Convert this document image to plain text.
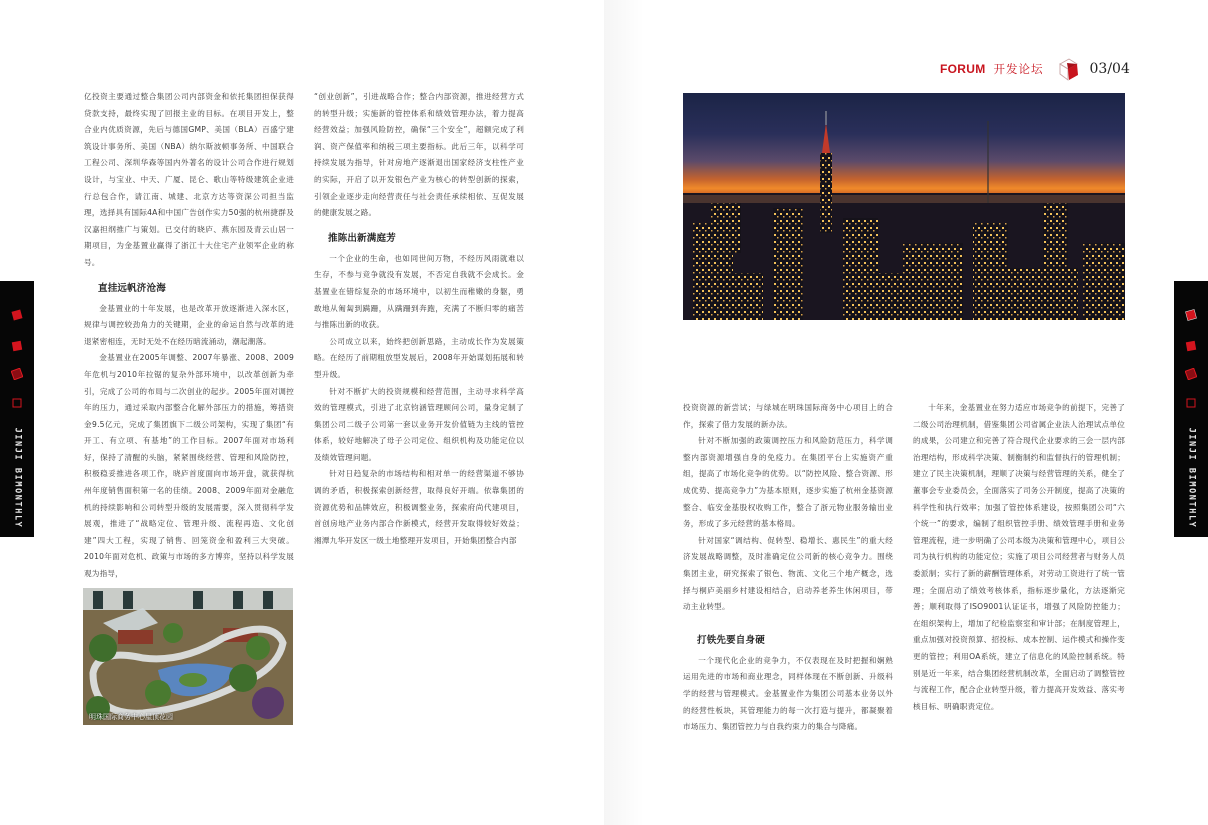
FORUM 开发论坛	03/04
JINJI BIMONTHLY	JINJI BIMONTHLY

亿投资主要通过整合集团公司内部资金和依托集团担保获得贷款支持，最终实现了回报主业的目标。在项目开发上，整合业内优质资源，先后与德国GMP、美国（BLA）百盛宁建筑设计事务所、美国（NBA）纳尔斯波顿事务所、中国联合工程公司、深圳华森等国内外著名的设计公司合作进行规划设计，与宝业、中天、广厦、昆仑、歌山等特级建筑企业进行总包合作，请江南、城建、北京方达等资深公司担当监理，选择具有国际4A和中国广告创作实力50强的杭州捷群及汉嘉担纲推广与策划。已交付的晓庐、燕东园及青云山居一期项目，为金基置业赢得了浙江十大住宅产业领军企业的称号。

直挂远帆济沧海

金基置业的十年发展，也是改革开放逐渐进入深水区，规律与调控较劲角力的关键期，企业的命运自然与改革的进退紧密相连，无时无处不在经历暗流涌动，潮起潮落。

金基置业在2005年调整、2007年暴涨、2008、2009年危机与2010年拉锯的复杂外部环境中，以改革创新为牵引，完成了公司的布局与二次创业的起步。2005年面对调控年的压力，通过采取内部整合化解外部压力的措施，筹措资金9.5亿元，完成了集团旗下二级公司架构，实现了集团“有开工、有立项、有基地”的工作目标。2007年面对市场利好，保持了清醒的头脑，紧紧围绕经营、管理和风险防控，积极稳妥推进各项工作，晓庐首度面向市场开盘，就获得杭州年度销售面积第一名的佳绩。2008、2009年面对金融危机的持续影响和公司转型升级的发展需要，深入贯彻科学发展观，推进了“战略定位、管理升级、流程再造、文化创建”四大工程，实现了销售、回笼资金和盈利三大突破。2010年面对危机、政策与市场的多方博弈，坚持以科学发展观为指导，

“创业创新”，引进战略合作；整合内部资源，推进经营方式的转型升级；实施新的管控体系和绩效管理办法，着力提高经营效益；加强风险防控，确保“三个安全”，超额完成了利润、资产保值率和纳税三项主要指标。此后三年，以科学可持续发展为指导，针对房地产逐渐退出国家经济支柱性产业的实际，开启了以开发银色产业为核心的转型创新的探索，引领企业逐步走向经营责任与社会责任承续相依、互促发展的健康发展之路。

推陈出新满庭芳

一个企业的生命，也如同世间万物，不经历风雨就难以生存，不参与竞争就没有发展，不否定自我就不会成长。金基置业在错综复杂的市场环境中，以初生而稚嫩的身躯，勇敢地从匍匐到蹒跚，从蹒跚到奔跑，充满了不断归零的痛苦与推陈出新的收获。

公司成立以来，始终把创新思路，主动成长作为发展策略。在经历了前期粗放型发展后，2008年开始谋划拓展和转型升级。

针对不断扩大的投资规模和经营范围，主动寻求科学高效的管理模式，引进了北京钧涵管理顾问公司，量身定制了集团公司二级子公司第一套以业务开发价值链为主线的管控体系，较好地解决了母子公司定位、组织机构及功能定位以及绩效管理问题。

针对日趋复杂的市场结构和相对单一的经营渠道不够协调的矛盾，积极探索创新经营，取得良好开端。依靠集团的资源优势和品牌效应，积极调整业务，探索府尚代建项目，首创房地产业务内部合作新模式，经营开发取得较好效益；湘潭九华开发区一级土地整理开发项目，开始集团整合内部

投资资源的新尝试；与绿城在明珠国际商务中心项目上的合作，探索了借力发展的新办法。

针对不断加强的政策调控压力和风险防范压力，科学调整内部资源增强自身的免疫力。在集团平台上实施资产重组，提高了市场化竞争的优势。以“防控风险、整合资源、形成优势、提高竞争力”为基本原则，逐步实施了杭州金基资源整合、临安金基股权收购工作，整合了浙元物业服务输出业务，形成了多元经营的基本格局。

针对国家“调结构、促转型、稳增长、惠民生”的重大经济发展战略调整，及时准确定位公司新的核心竞争力。围绕集团主业，研究探索了银色、物流、文化三个地产概念，选择与桐庐美丽乡村建设相结合，启动养老养生休闲项目，带动主业转型。

打铁先要自身硬

一个现代化企业的竞争力，不仅表现在及时把握和娴熟运用先进的市场和商业理念，同样体现在不断创新、升级科学的经营与管理模式。金基置业作为集团公司基本业务以外的经营性板块，其管理能力的每一次打造与提升，都凝聚着市场压力、集团管控力与自我约束力的集合与降痛。

十年来，金基置业在努力适应市场竞争的前提下，完善了二级公司治理机制，借鉴集团公司省属企业法人治理试点单位的成果，公司建立和完善了符合现代企业要求的三会一层内部治理结构，形成科学决策、制衡制约和监督执行的管理机制；建立了民主决策机制，理顺了决策与经营管理的关系，健全了董事会专业委员会，全面落实了司务公开制度，提高了决策的科学性和执行效率；加强了管控体系建设，按照集团公司“六个统一”的要求，编制了组织管控手册、绩效管理手册和业务管理流程，进一步明确了公司本级为决策和管理中心，项目公司为执行机构的功能定位；实施了项目公司经营者与财务人员委派制；实行了新的薪酬管理体系，对劳动工资进行了统一管理；全面启动了绩效考核体系，指标逐步量化，方法逐渐完善；顺利取得了ISO9001认证证书，增强了风险防控能力；在组织架构上，增加了纪检监察室和审计部；在制度管理上，重点加强对投资预算、招投标、成本控制、运作模式和操作变更的管控；利用OA系统，建立了信息化的风险控制系统。特别是近一年来，结合集团经营机制改革，全面启动了调整管控与流程工作，配合企业转型升级，着力提高开发效益、落实考核目标、明确职责定位。

明珠国际商务中心屋顶花园
